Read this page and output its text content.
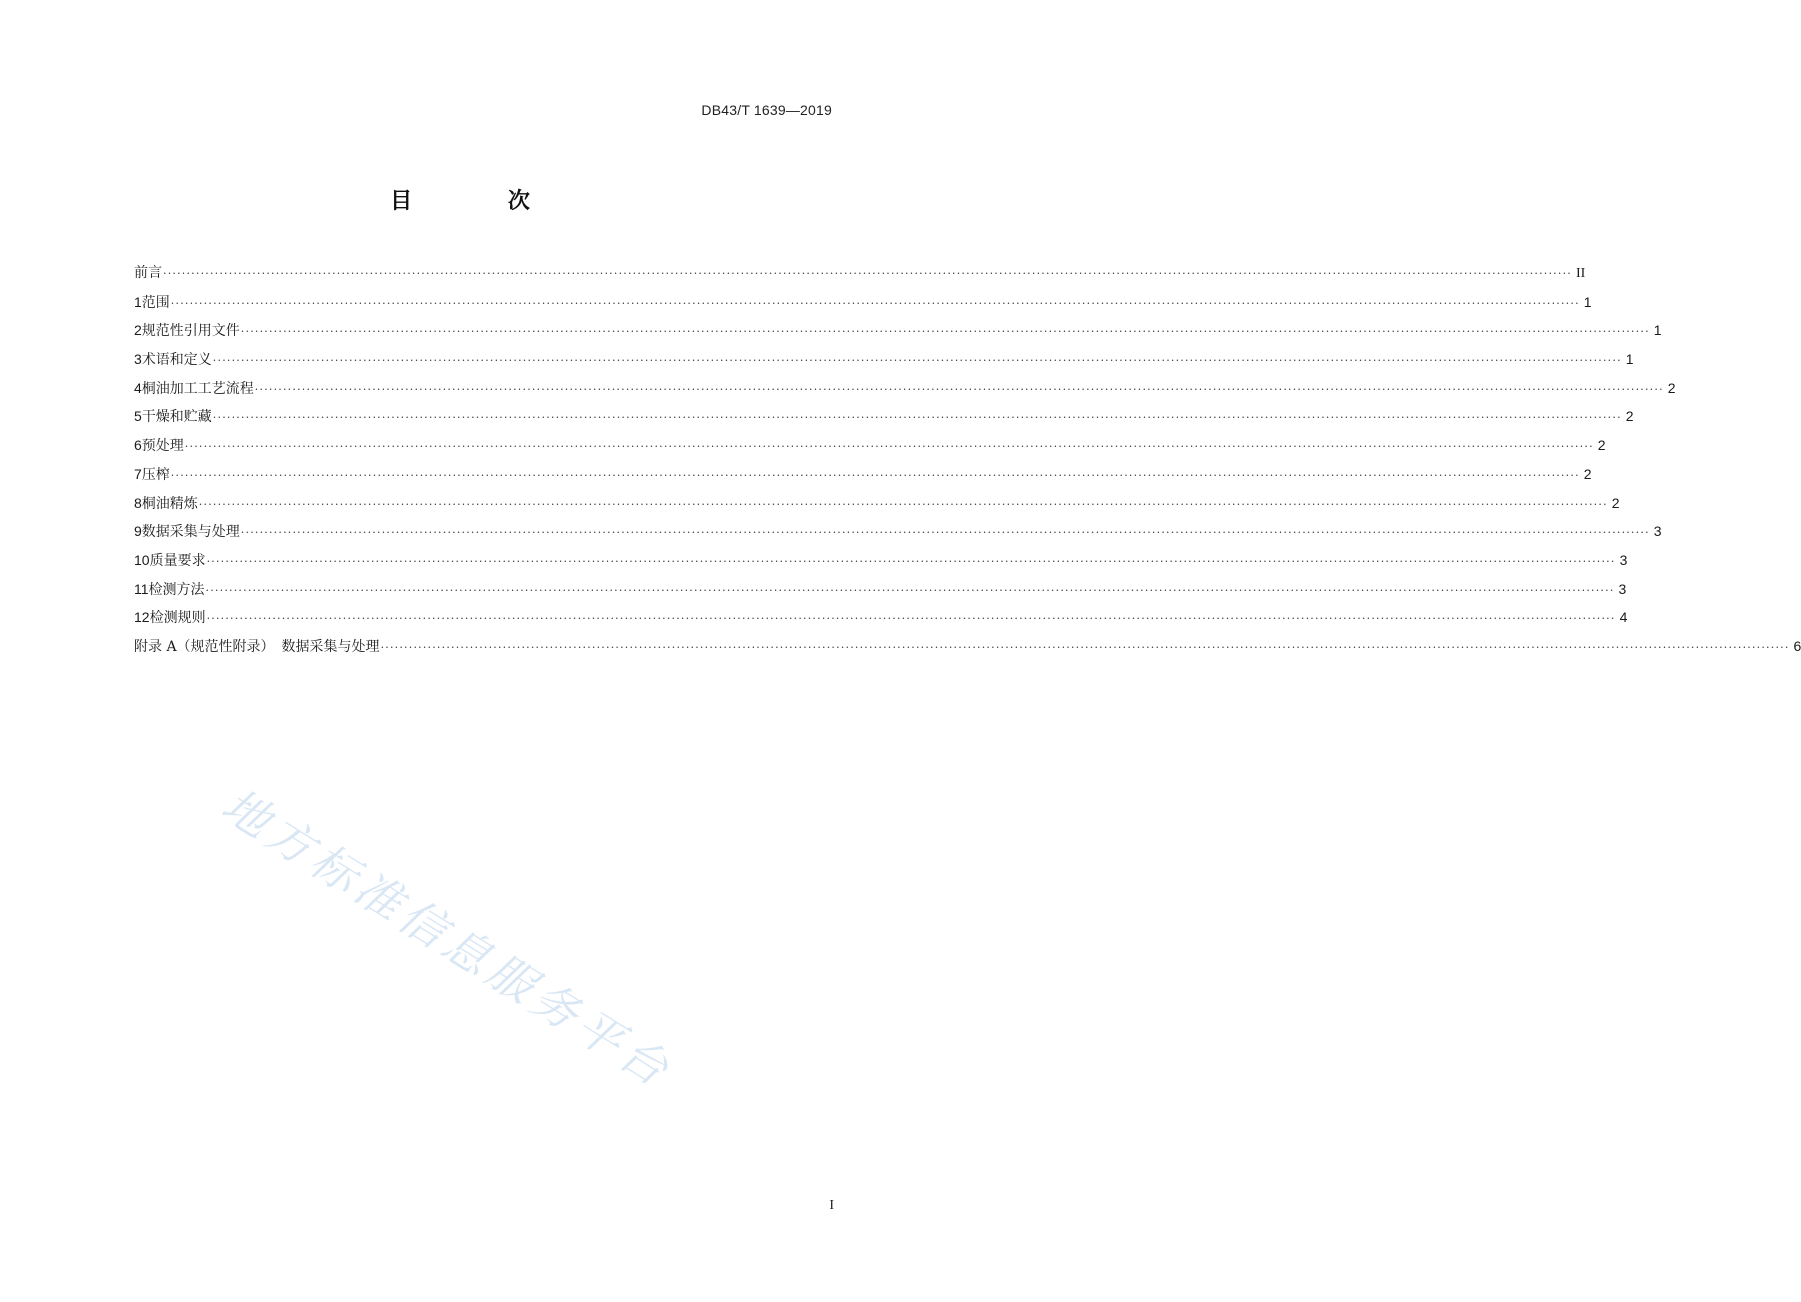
DB43/T 1639—2019
目 次
前言 ············································································································································································································································································································ II
1 范围 ············································································································································································································································································································ 1
2 规范性引用文件 ············································································································································································································································································································ 1
3 术语和定义 ············································································································································································································································································································ 1
4 桐油加工工艺流程 ············································································································································································································································································································ 2
5 干燥和贮藏 ············································································································································································································································································································ 2
6 预处理 ············································································································································································································································································································ 2
7 压榨 ············································································································································································································································································································ 2
8 桐油精炼 ············································································································································································································································································································ 2
9 数据采集与处理 ············································································································································································································································································································ 3
10 质量要求 ············································································································································································································································································································ 3
11 检测方法 ············································································································································································································································································································ 3
12 检测规则 ············································································································································································································································································································ 4
附录 A（规范性附录）　数据采集与处理 ············································································································································································································································································································ 6
地方标准信息服务平台
I
